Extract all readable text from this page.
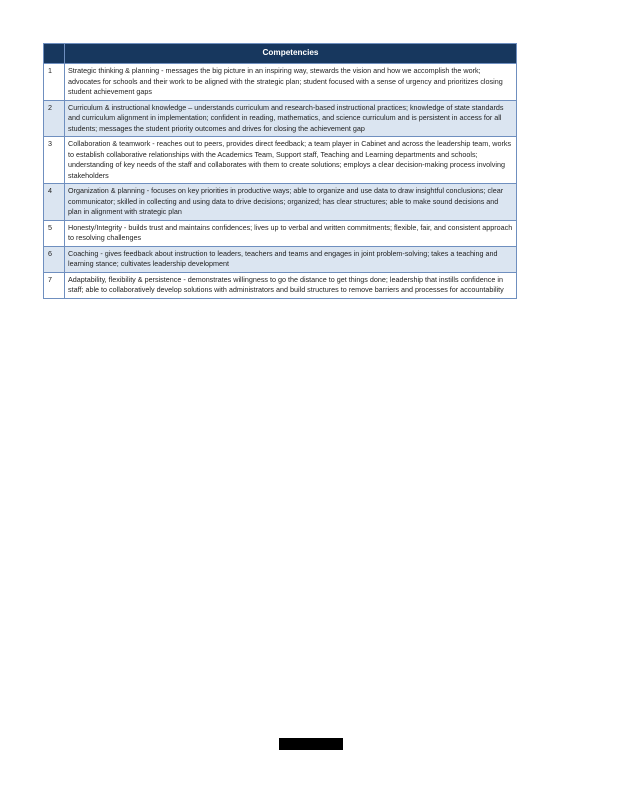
	Competencies
1	Strategic thinking & planning - messages the big picture in an inspiring way, stewards the vision and how we accomplish the work; advocates for schools and their work to be aligned with the strategic plan; student focused with a sense of urgency and prioritizes closing student achievement gaps
2	Curriculum & instructional knowledge – understands curriculum and research-based instructional practices; knowledge of state standards and curriculum alignment in implementation; confident in reading, mathematics, and science curriculum and is persistent in access for all students; messages the student priority outcomes and drives for closing the achievement gap
3	Collaboration & teamwork - reaches out to peers, provides direct feedback; a team player in Cabinet and across the leadership team, works to establish collaborative relationships with the Academics Team, Support staff, Teaching and Learning departments and schools; understanding of key needs of the staff and collaborates with them to create solutions; employs a clear decision-making process involving stakeholders
4	Organization & planning - focuses on key priorities in productive ways; able to organize and use data to draw insightful conclusions; clear communicator; skilled in collecting and using data to drive decisions; organized; has clear structures; able to make sound decisions and plan in alignment with strategic plan
5	Honesty/Integrity - builds trust and maintains confidences; lives up to verbal and written commitments; flexible, fair, and consistent approach to resolving challenges
6	Coaching - gives feedback about instruction to leaders, teachers and teams and engages in joint problem-solving; takes a teaching and learning stance; cultivates leadership development
7	Adaptability, flexibility & persistence - demonstrates willingness to go the distance to get things done; leadership that instills confidence in staff; able to collaboratively develop solutions with administrators and build structures to remove barriers and processes for accountability
